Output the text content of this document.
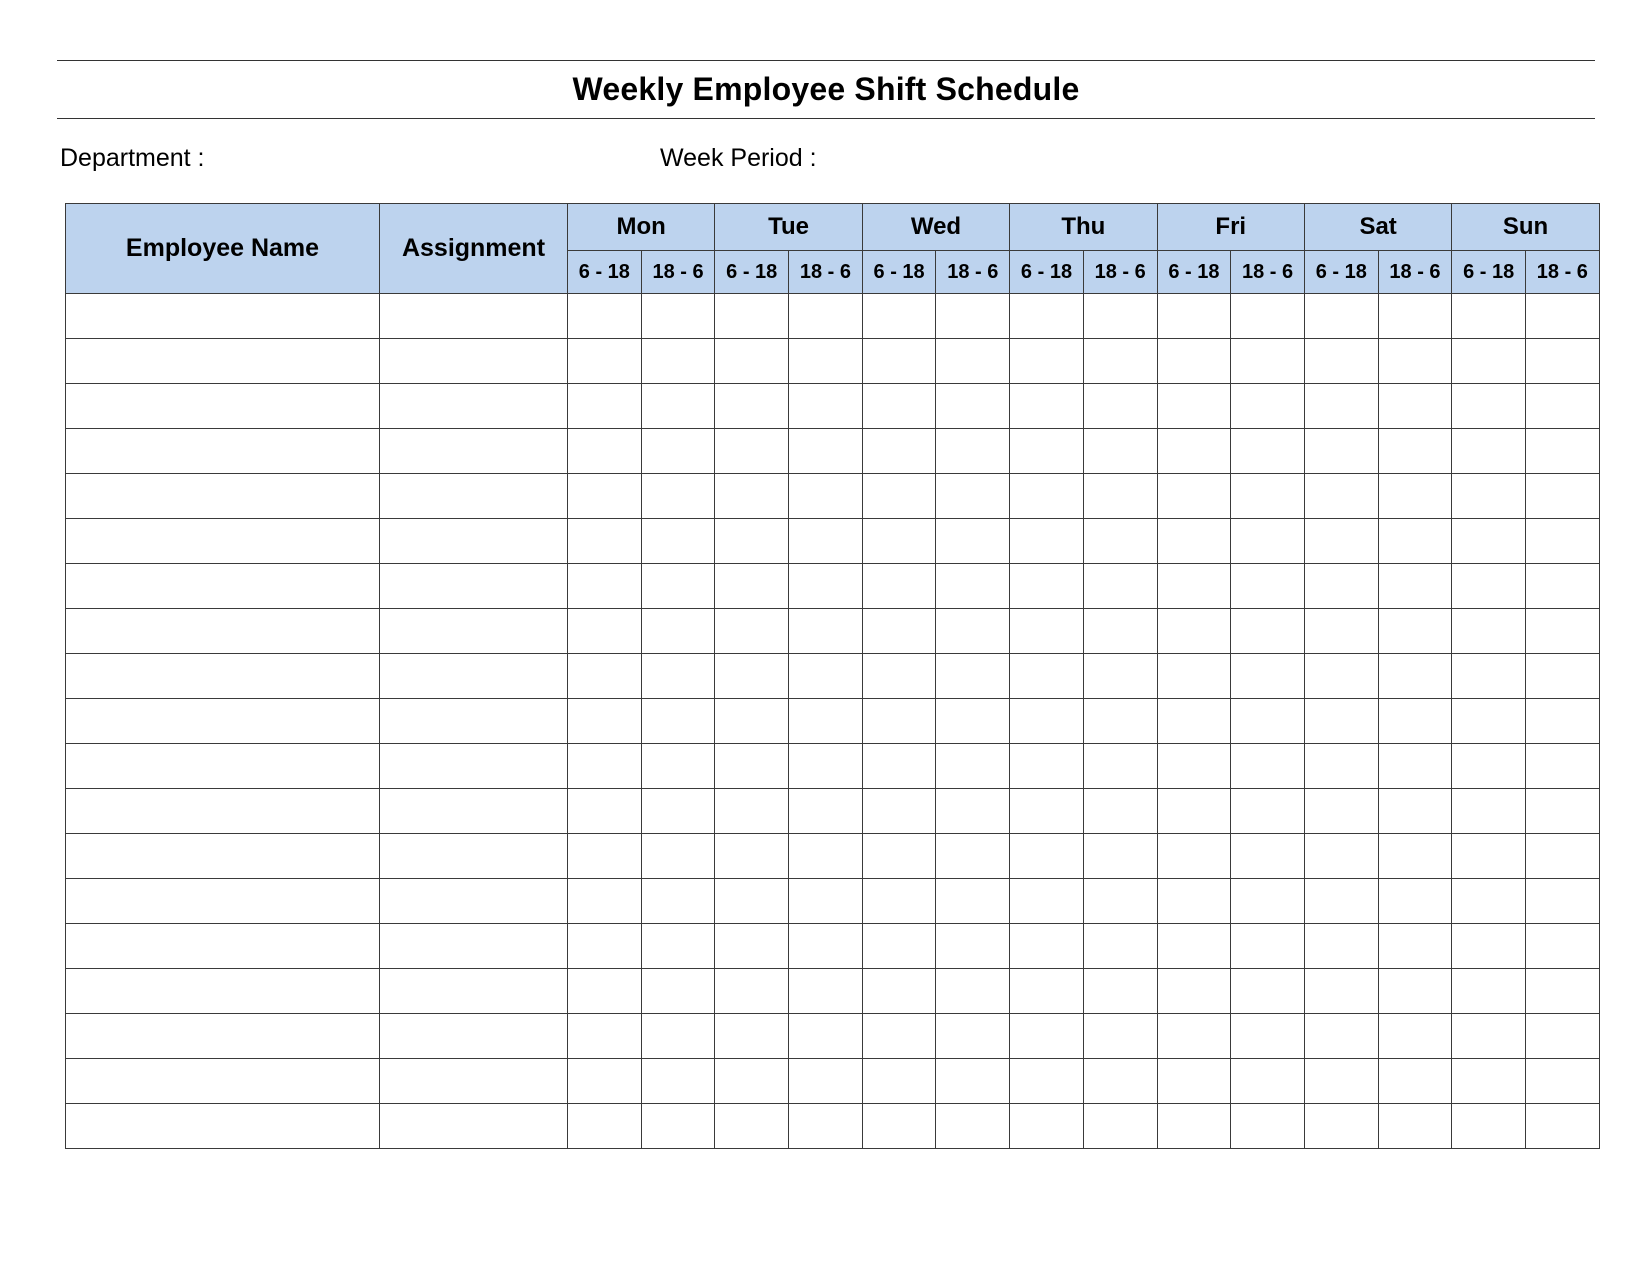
Weekly Employee Shift Schedule
Department :	Week Period :
Employee Name	Assignment	Mon		Tue		Wed		Thu		Fri		Sat		Sun	
		6 - 18	18 - 6	6 - 18	18 - 6	6 - 18	18 - 6	6 - 18	18 - 6	6 - 18	18 - 6	6 - 18	18 - 6	6 - 18	18 - 6
